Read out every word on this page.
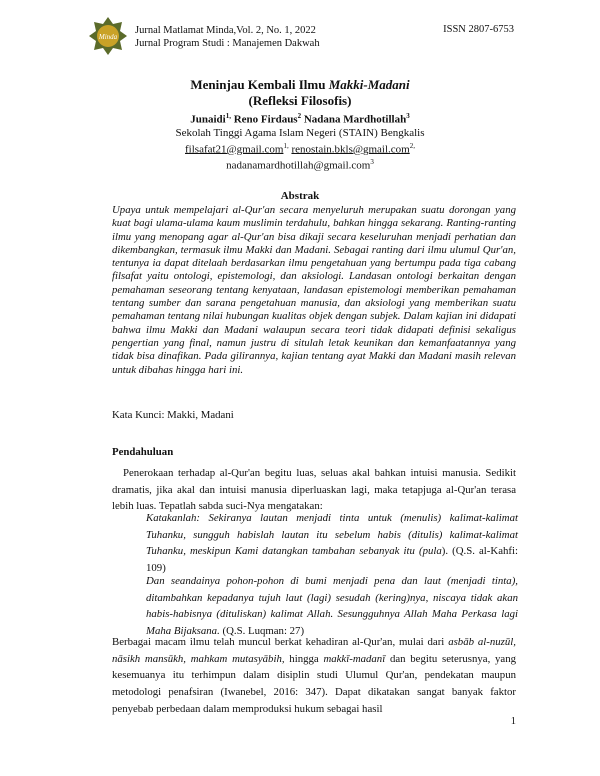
Minda
Jurnal Matlamat Minda,Vol. 2, No. 1, 2022
Jurnal Program Studi : Manajemen Dakwah
ISSN 2807-6753
Meninjau Kembali Ilmu Makki-Madani
(Refleksi Filosofis)
Junaidi$^{1,}$ Reno Firdaus$^2$ Nadana Mardhotillah$^3$
Sekolah Tinggi Agama Islam Negeri (STAIN) Bengkalis
filsafat21@gmail.com$^{1,}$ renostain.bkls@gmail.com$^{2,}$
nadanamardhotillah@gmail.com$^3$
Abstrak
Upaya untuk mempelajari al-Qur'an secara menyeluruh merupakan suatu dorongan yang kuat bagi ulama-ulama kaum muslimin terdahulu, bahkan hingga sekarang. Ranting-ranting ilmu yang menopang agar al-Qur'an bisa dikaji secara keseluruhan menjadi perhatian dan dikembangkan, termasuk ilmu Makki dan Madani. Sebagai ranting dari ilmu ulumul Qur'an, tentunya ia dapat ditelaah berdasarkan ilmu pengetahuan yang bertumpu pada tiga cabang filsafat yaitu ontologi, epistemologi, dan aksiologi. Landasan ontologi berkaitan dengan pemahaman seseorang tentang kenyataan, landasan epistemologi memberikan pemahaman tentang sumber dan sarana pengetahuan manusia, dan aksiologi yang memberikan suatu pemahaman tentang nilai hubungan kualitas objek dengan subjek. Dalam kajian ini didapati bahwa ilmu Makki dan Madani walaupun secara teori tidak didapati definisi sekaligus pengertian yang final, namun justru di situlah letak keunikan dan kemanfaatannya yang tidak bisa dinafikan. Pada gilirannya, kajian tentang ayat Makki dan Madani masih relevan untuk dibahas hingga hari ini.
Kata Kunci: Makki, Madani
Pendahuluan

Penerokaan terhadap al-Qur'an begitu luas, seluas akal bahkan intuisi manusia. Sedikit dramatis, jika akal dan intuisi manusia diperluaskan lagi, maka tetapjuga al-Qur'an terasa lebih luas. Tepatlah sabda suci-Nya mengatakan:

Katakanlah: Sekiranya lautan menjadi tinta untuk (menulis) kalimat-kalimat Tuhanku, sungguh habislah lautan itu sebelum habis (ditulis) kalimat-kalimat Tuhanku, meskipun Kami datangkan tambahan sebanyak itu (pula). (Q.S. al-Kahfi: 109)

Dan seandainya pohon-pohon di bumi menjadi pena dan laut (menjadi tinta), ditambahkan kepadanya tujuh laut (lagi) sesudah (kering)nya, niscaya tidak akan habis-habisnya (dituliskan) kalimat Allah. Sesungguhnya Allah Maha Perkasa lagi Maha Bijaksana. (Q.S. Luqman: 27)

Berbagai macam ilmu telah muncul berkat kehadiran al-Qur'an, mulai dari asbāb al-nuzūl, nāsikh mansūkh, mahkam mutasyābih, hingga makkī-madanī dan begitu seterusnya, yang kesemuanya itu terhimpun dalam disiplin studi Ulumul Qur'an, pendekatan maupun metodologi penafsiran (Iwanebel, 2016: 347). Dapat dikatakan sangat banyak faktor penyebab perbedaan dalam memproduksi hukum sebagai hasil

1
